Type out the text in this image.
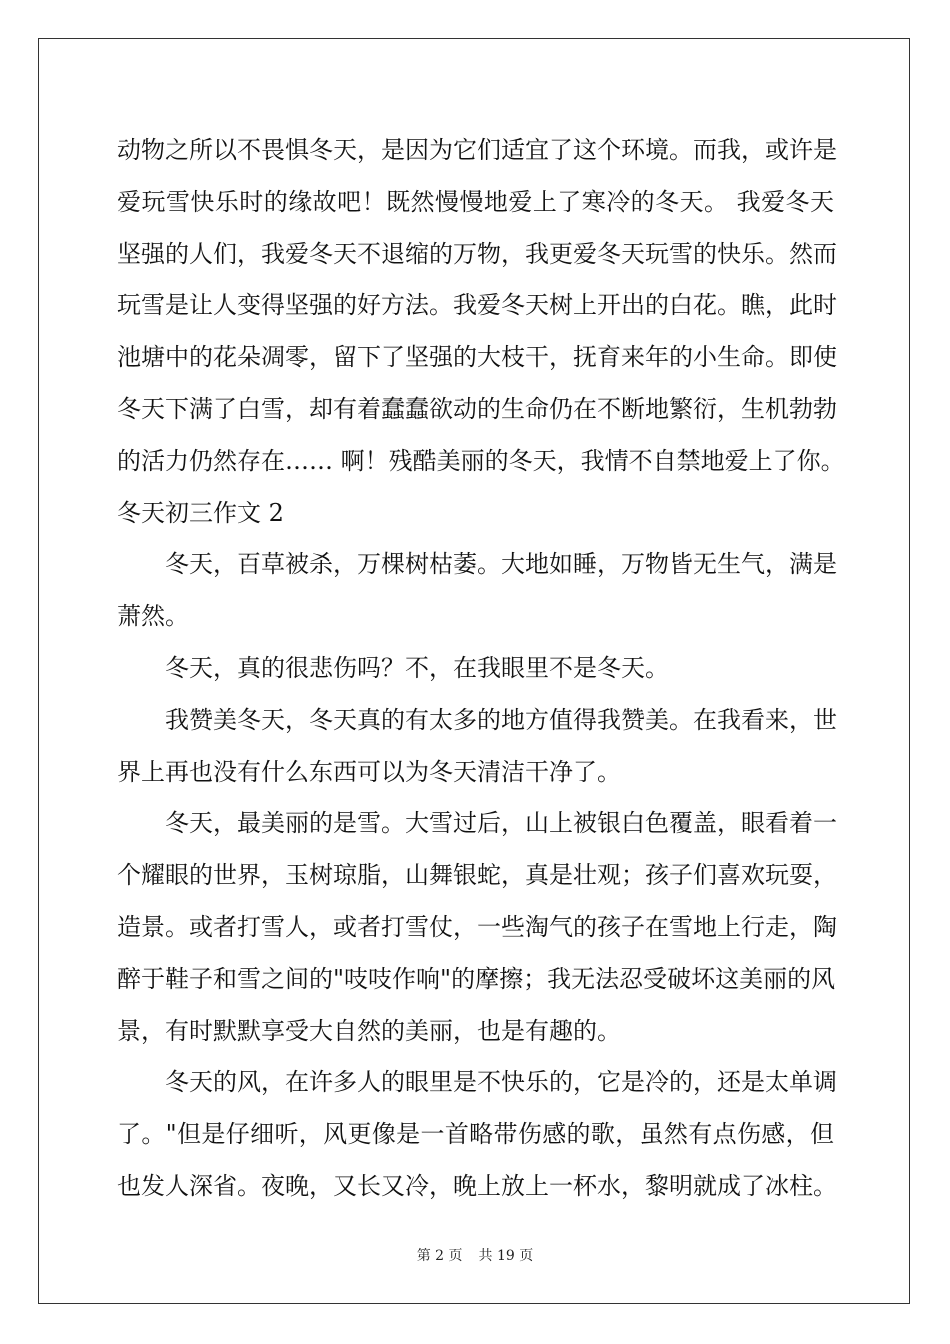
动物之所以不畏惧冬天，是因为它们适宜了这个环境。而我，或许是
爱玩雪快乐时的缘故吧！既然慢慢地爱上了寒冷的冬天。 我爱冬天
坚强的人们，我爱冬天不退缩的万物，我更爱冬天玩雪的快乐。然而
玩雪是让人变得坚强的好方法。我爱冬天树上开出的白花。瞧，此时
池塘中的花朵凋零，留下了坚强的大枝干，抚育来年的小生命。即使
冬天下满了白雪，却有着蠢蠢欲动的生命仍在不断地繁衍，生机勃勃
的活力仍然存在…… 啊！残酷美丽的冬天，我情不自禁地爱上了你。
冬天初三作文 2
冬天，百草被杀，万棵树枯萎。大地如睡，万物皆无生气，满是
萧然。
冬天，真的很悲伤吗？不，在我眼里不是冬天。
我赞美冬天，冬天真的有太多的地方值得我赞美。在我看来，世
界上再也没有什么东西可以为冬天清洁干净了。
冬天，最美丽的是雪。大雪过后，山上被银白色覆盖，眼看着一
个耀眼的世界，玉树琼脂，山舞银蛇，真是壮观；孩子们喜欢玩耍，
造景。或者打雪人，或者打雪仗，一些淘气的孩子在雪地上行走，陶
醉于鞋子和雪之间的"吱吱作响"的摩擦；我无法忍受破坏这美丽的风
景，有时默默享受大自然的美丽，也是有趣的。
冬天的风，在许多人的眼里是不快乐的，它是冷的，还是太单调
了。"但是仔细听，风更像是一首略带伤感的歌，虽然有点伤感，但
也发人深省。夜晚，又长又冷，晚上放上一杯水，黎明就成了冰柱。
第 2 页 共 19 页
